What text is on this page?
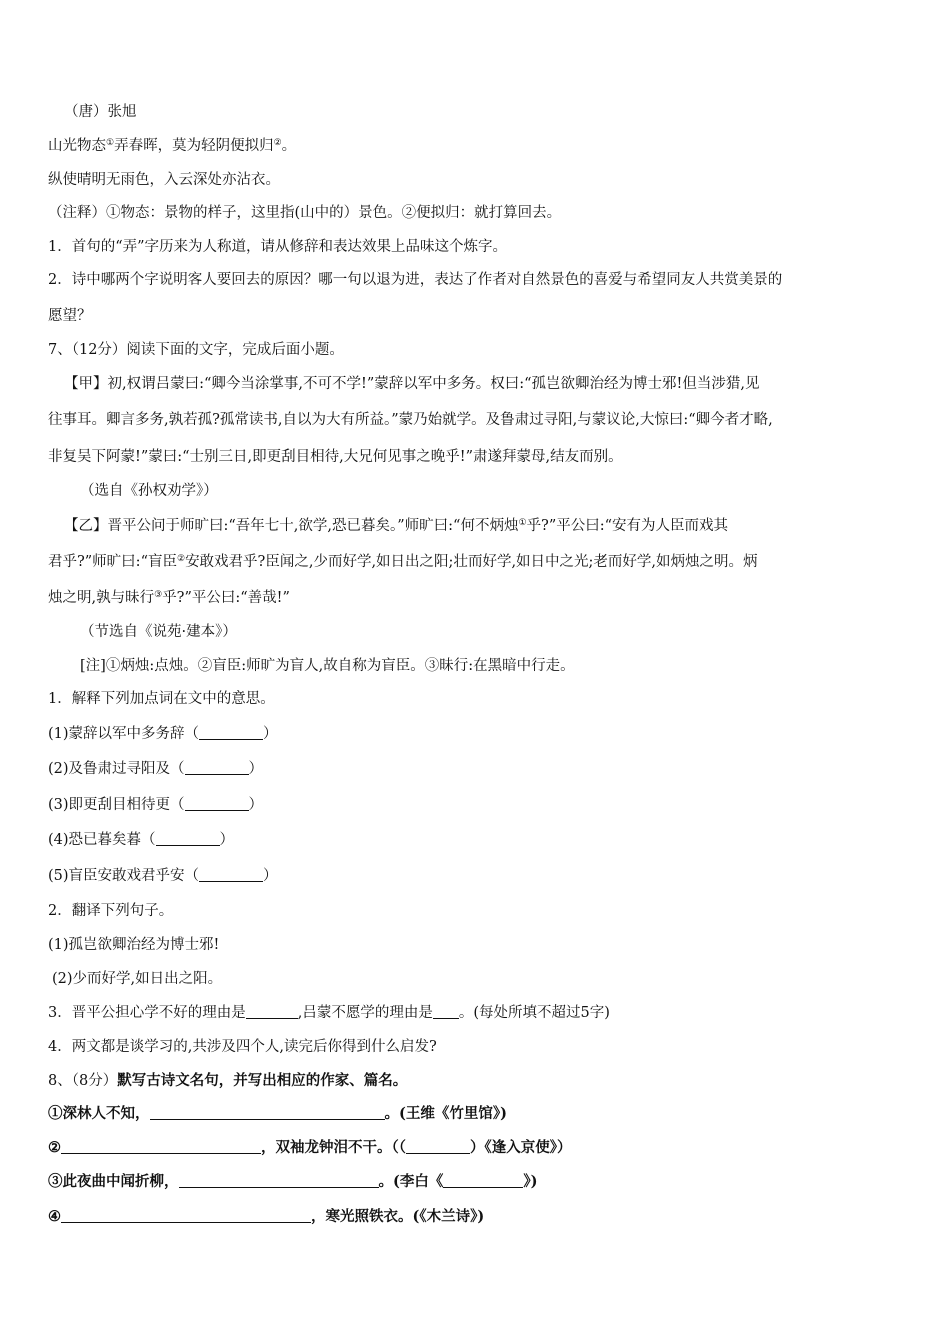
（唐）张旭
山光物态①弄春晖，莫为轻阴便拟归②。
纵使晴明无雨色，入云深处亦沾衣。
（注释）①物态：景物的样子，这里指(山中的）景色。②便拟归：就打算回去。
1．首句的“弄”字历来为人称道，请从修辞和表达效果上品味这个炼字。
2．诗中哪两个字说明客人要回去的原因？哪一句以退为进，表达了作者对自然景色的喜爱与希望同友人共赏美景的
愿望？
7、（12分）阅读下面的文字，完成后面小题。
【甲】初,权谓吕蒙曰:“卿今当涂掌事,不可不学!”蒙辞以军中多务。权曰:“孤岂欲卿治经为博士邪!但当涉猎,见
往事耳。卿言多务,孰若孤?孤常读书,自以为大有所益。”蒙乃始就学。及鲁肃过寻阳,与蒙议论,大惊曰:“卿今者才略,
非复吴下阿蒙!”蒙曰:“士别三日,即更刮目相待,大兄何见事之晚乎!”肃遂拜蒙母,结友而别。
（选自《孙权劝学》）
【乙】晋平公问于师旷曰:“吾年七十,欲学,恐已暮矣。”师旷曰:“何不炳烛①乎?”平公曰:“安有为人臣而戏其
君乎?”师旷曰:“盲臣②安敢戏君乎?臣闻之,少而好学,如日出之阳;壮而好学,如日中之光;老而好学,如炳烛之明。炳
烛之明,孰与昧行③乎?”平公曰:“善哉!”
（节选自《说苑·建本》）
[注]①炳烛:点烛。②盲臣:师旷为盲人,故自称为盲臣。③昧行:在黑暗中行走。
1．解释下列加点词在文中的意思。
(1)蒙辞以军中多务辞（	）
(2)及鲁肃过寻阳及（	）
(3)即更刮目相待更（	）
(4)恐已暮矣暮（	）
(5)盲臣安敢戏君乎安（	）
2．翻译下列句子。
(1)孤岂欲卿治经为博士邪!
(2)少而好学,如日出之阳。
3．晋平公担心学不好的理由是	,吕蒙不愿学的理由是 。(每处所填不超过5字)
4．两文都是谈学习的,共涉及四个人,读完后你得到什么启发?
8、（8分）默写古诗文名句，并写出相应的作家、篇名。
①深林人不知，	。(王维《竹里馆》)
②	，双袖龙钟泪不干。（（	）《逢入京使》）
③此夜曲中闻折柳，	。(李白《	》)
④	，寒光照铁衣。(《木兰诗》)
